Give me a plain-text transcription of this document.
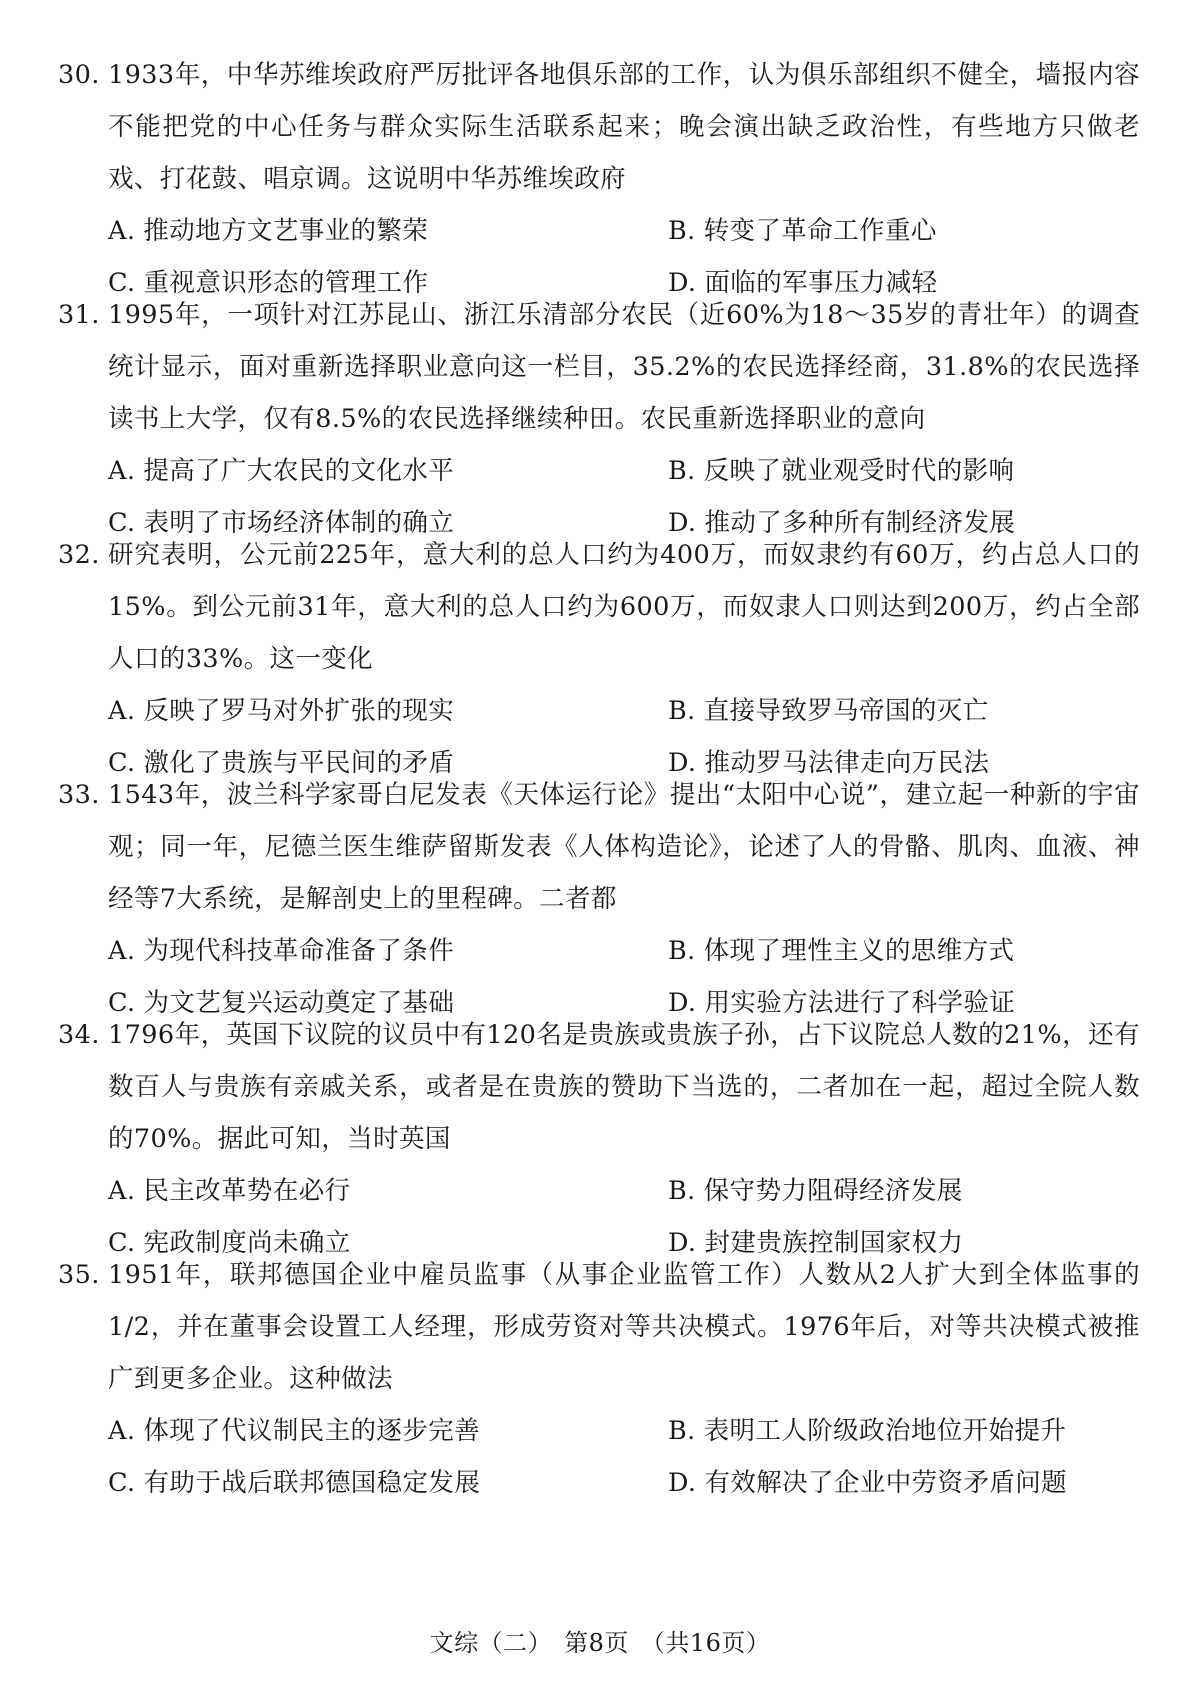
30. 1933年，中华苏维埃政府严厉批评各地俱乐部的工作，认为俱乐部组织不健全，墙报内容不能把党的中心任务与群众实际生活联系起来；晚会演出缺乏政治性，有些地方只做老戏、打花鼓、唱京调。这说明中华苏维埃政府

A. 推动地方文艺事业的繁荣	B. 转变了革命工作重心
C. 重视意识形态的管理工作	D. 面临的军事压力减轻

31. 1995年，一项针对江苏昆山、浙江乐清部分农民（近60%为18～35岁的青壮年）的调查统计显示，面对重新选择职业意向这一栏目，35.2%的农民选择经商，31.8%的农民选择读书上大学，仅有8.5%的农民选择继续种田。农民重新选择职业的意向

A. 提高了广大农民的文化水平	B. 反映了就业观受时代的影响
C. 表明了市场经济体制的确立	D. 推动了多种所有制经济发展

32. 研究表明，公元前225年，意大利的总人口约为400万，而奴隶约有60万，约占总人口的15%。到公元前31年，意大利的总人口约为600万，而奴隶人口则达到200万，约占全部人口的33%。这一变化

A. 反映了罗马对外扩张的现实	B. 直接导致罗马帝国的灭亡
C. 激化了贵族与平民间的矛盾	D. 推动罗马法律走向万民法

33. 1543年，波兰科学家哥白尼发表《天体运行论》提出“太阳中心说”，建立起一种新的宇宙观；同一年，尼德兰医生维萨留斯发表《人体构造论》，论述了人的骨骼、肌肉、血液、神经等7大系统，是解剖史上的里程碑。二者都

A. 为现代科技革命准备了条件	B. 体现了理性主义的思维方式
C. 为文艺复兴运动奠定了基础	D. 用实验方法进行了科学验证

34. 1796年，英国下议院的议员中有120名是贵族或贵族子孙，占下议院总人数的21%，还有数百人与贵族有亲戚关系，或者是在贵族的赞助下当选的，二者加在一起，超过全院人数的70%。据此可知，当时英国

A. 民主改革势在必行	B. 保守势力阻碍经济发展
C. 宪政制度尚未确立	D. 封建贵族控制国家权力

35. 1951年，联邦德国企业中雇员监事（从事企业监管工作）人数从2人扩大到全体监事的1/2，并在董事会设置工人经理，形成劳资对等共决模式。1976年后，对等共决模式被推广到更多企业。这种做法

A. 体现了代议制民主的逐步完善	B. 表明工人阶级政治地位开始提升
C. 有助于战后联邦德国稳定发展	D. 有效解决了企业中劳资矛盾问题
文综（二） 第8页 （共16页）
